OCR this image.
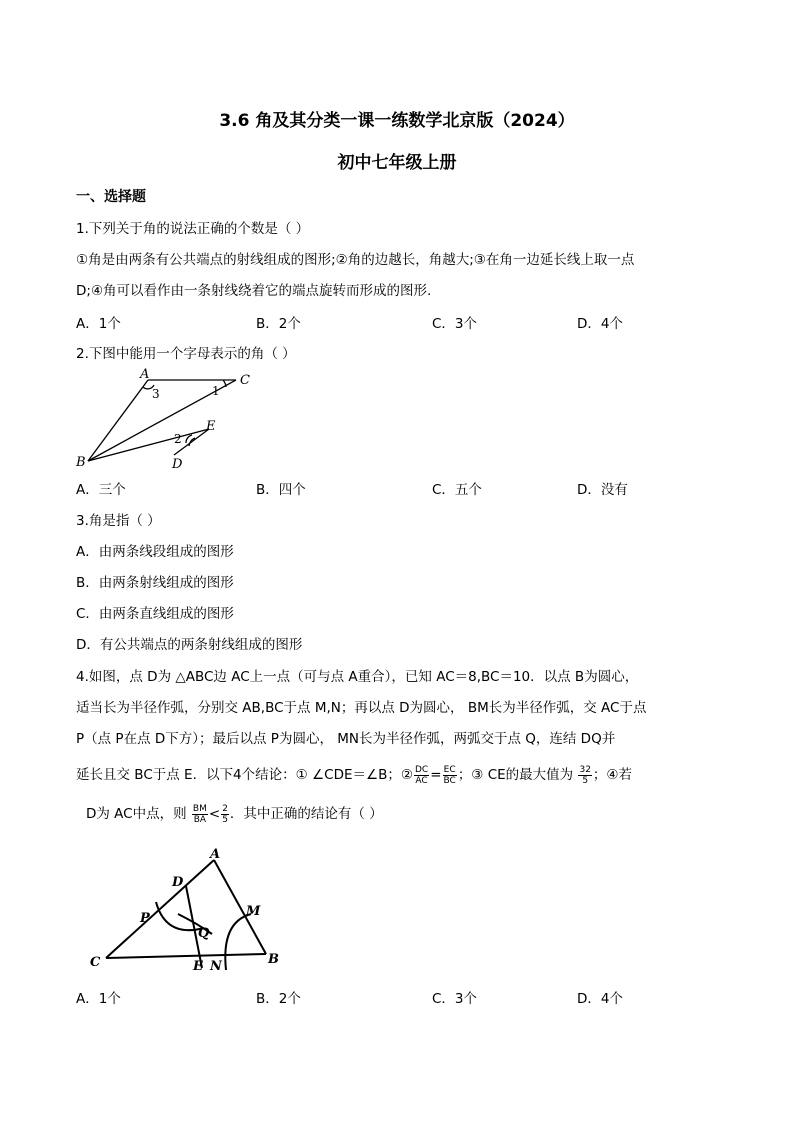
3.6 角及其分类一课一练数学北京版（2024）
初中七年级上册
一、选择题
1.下列关于角的说法正确的个数是（ ）
①角是由两条有公共端点的射线组成的图形;②角的边越长，角越大;③在角一边延长线上取一点
D;④角可以看作由一条射线绕着它的端点旋转而形成的图形.
A．1个	B．2个	C．3个	D．4个
2.下图中能用一个字母表示的角（ ）
A	C
B
E
D
1
2
3
A．三个	B．四个	C．五个	D．没有
3.角是指（ ）
A．由两条线段组成的图形
B．由两条射线组成的图形
C．由两条直线组成的图形
D．有公共端点的两条射线组成的图形
4.如图，点 D为 △ABC边 AC上一点（可与点 A重合），已知 AC＝8,BC＝10．以点 B为圆心，
适当长为半径作弧，分别交 AB,BC于点 M,N；再以点 D为圆心， BM长为半径作弧，交 AC于点
P（点 P在点 D下方）；最后以点 P为圆心， MN长为半径作弧，两弧交于点 Q，连结 DQ并
延长且交 BC于点 E．以下4个结论：① ∠CDE＝∠B；② $\frac{DC}{AC} = \frac{EC}{BC}$ ；③ CE的最大值为 $\frac{32}{5}$ ；④若
D为 AC中点，则 $\frac{BM}{BA} < \frac{2}{5}$ ．其中正确的结论有（ ）
A
D
M
P
Q
C	E N	B
A．1个	B．2个	C．3个	D．4个
